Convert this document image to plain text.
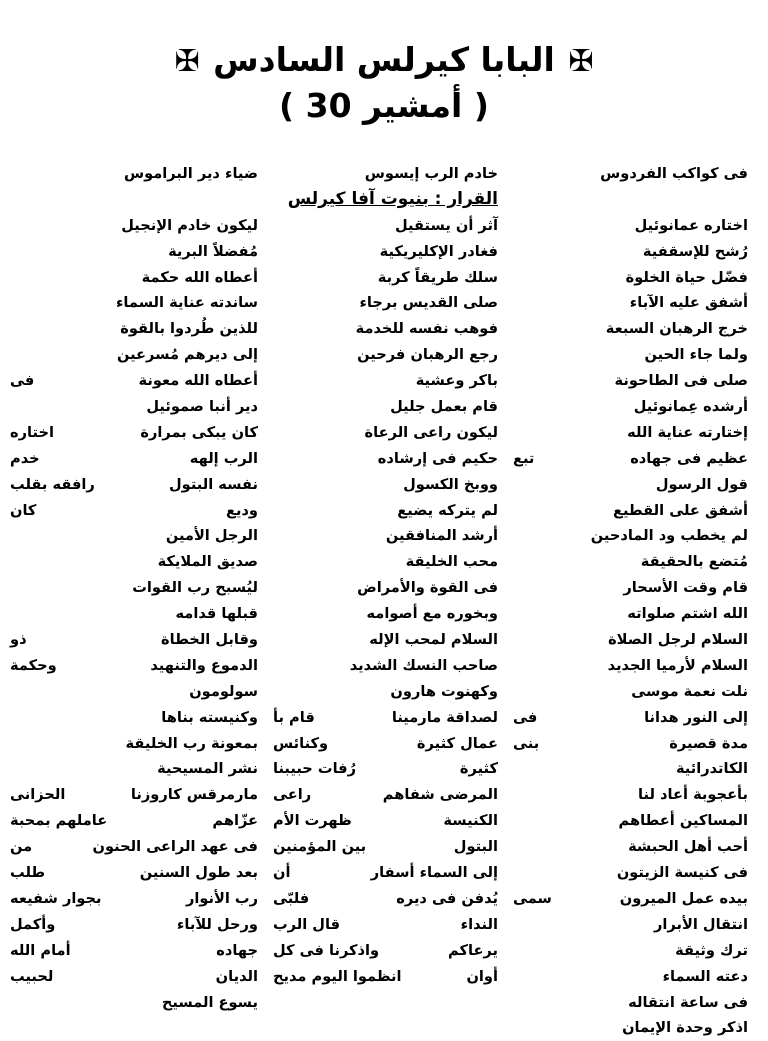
✠ البابا كيرلس السادس ✠
( 30 أمشير )
فى كواكب الفردوس
اختاره عمانوئيل
رُشح للإسقفية
فضّل حياة الخلوة
أشفق عليه الآباء
خرج الرهبان السبعة
ولما جاء الحين
صلى فى الطاحونة
أرشده عِمانوئيل
إختارته عناية الله
عظيم فى جهاده
تبع
قول الرسول
أشفق على القطيع
لم يخطب ود المادحين
مُتضع بالحقيقة
قام وقت الأسحار
الله اشتم صلواته
السلام لرجل الصلاة
السلام لأرميا الجديد
نلت نعمة موسى
إلى النور هدانا
فى
مدة قصيرة
بنى
الكاتدرائية
بأعجوبة أعاد لنا
المساكين أعطاهم
أحب أهل الحبشة
فى كنيسة الزيتون
بيده عمل الميرون
سمى
انتقال الأبرار
ترك وثيقة
دعته السماء
فى ساعة انتقاله
اذكر وحدة الإيمان
خادم الرب إيسوس
القرار : بنيوت آفا كيرلس
آثر أن يستقيل
فغادر الإكليريكية
سلك طريقاً كربة
صلى القديس برجاء
فوهب نفسه للخدمة
رجع الرهبان فرحين
باكر وعشية
قام بعمل جليل
ليكون راعى الرعاة
حكيم فى إرشاده
ووبخ الكسول
لم يتركه يضيع
أرشد المنافقين
محب الخليقة
فى القوة والأمراض
وبخوره مع أصوامه
السلام لمحب الإله
صاحب النسك الشديد
وكهنوت هارون
لصداقة مارمينا
قام بأ
عمال كثيرة
وكنائس
كثيرة
رُفات حبيبنا
المرضى شفاهم
راعى
الكنيسة
ظهرت الأم
البتول
بين المؤمنين
إلى السماء أسفار
أن
يُدفن فى ديره
فلبّى
النداء
قال الرب
يرعاكم
واذكرنا فى كل
أوان
انظموا اليوم مديح
ضياء دير البراموس
ليكون خادم الإنجيل
مُفضلاً البرية
أعطاه الله حكمة
ساندته عناية السماء
للذين طُردوا بالقوة
إلى ديرهم مُسرعين
أعطاه الله معونة
فى
دير أنبا صموئيل
كان يبكى بمرارة
اختاره
الرب إلهه
خدم
نفسه البتول
رافقه بقلب
وديع
كان
الرجل الأمين
صديق الملايكة
ليُسبح رب القوات
قبلها قدامه
وقابل الخطاة
ذو
الدموع والتنهيد
وحكمة
سولومون
وكنيسته بناها
بمعونة رب الخليقة
نشر المسيحية
مارمرقس كاروزنا
الحزانى
عزّاهم
عاملهم بمحبة
فى عهد الراعى الحنون
من
بعد طول السنين
طلب
رب الأنوار
بجوار شفيعه
ورحل للآباء
وأكمل
جهاده
أمام الله
الديان
لحبيب
يسوع المسيح
